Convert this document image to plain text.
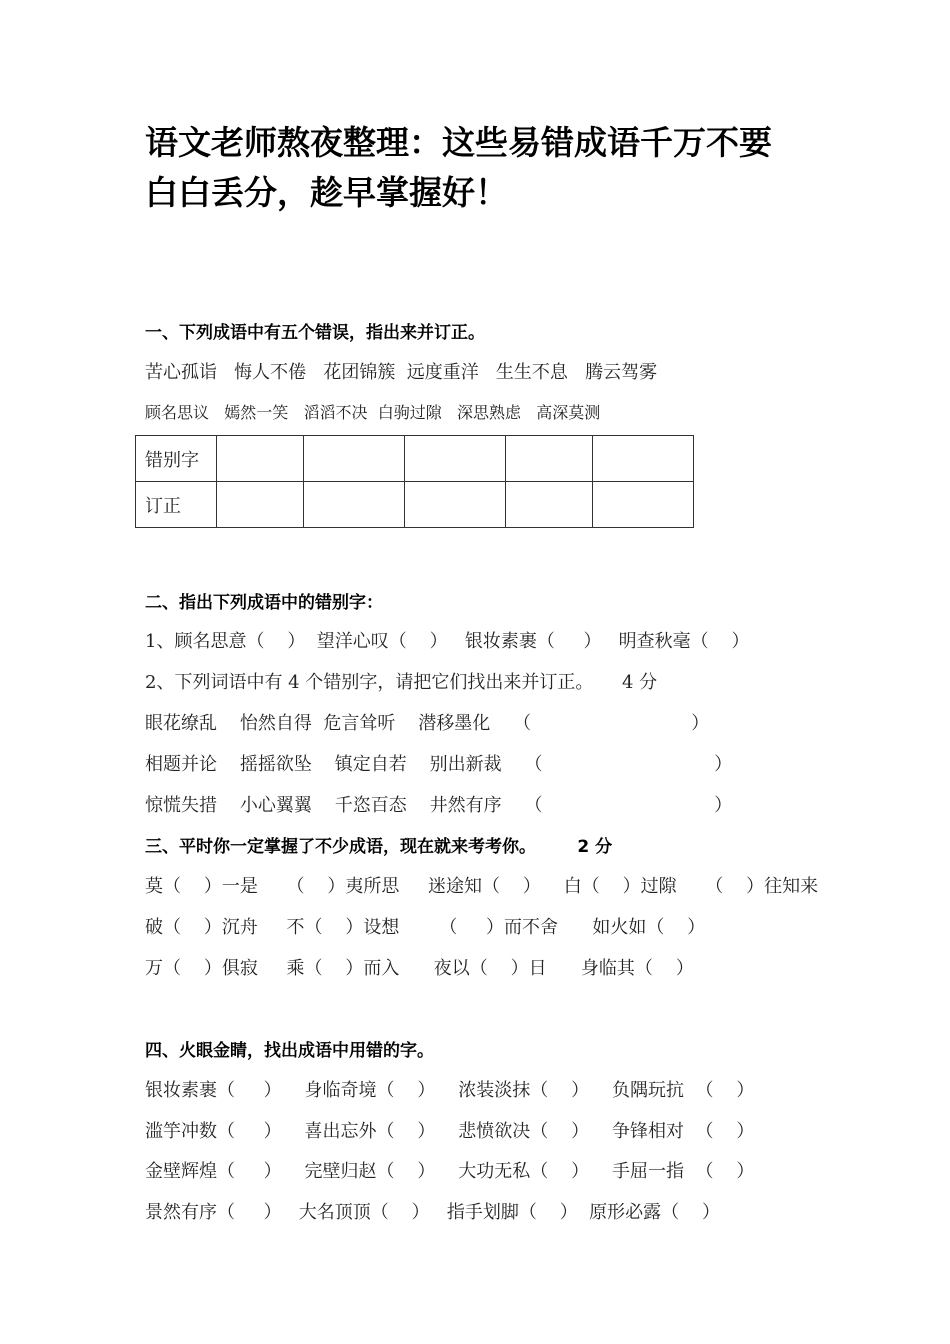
语文老师熬夜整理：这些易错成语千万不要
白白丢分，趁早掌握好！
一、下列成语中有五个错误，指出来并订正。
苦心孤诣   悔人不倦   花团锦簇  远度重洋   生生不息   腾云驾雾
顾名思议   嫣然一笑   滔滔不决  白驹过隙   深思熟虑   高深莫测
错别字					
订正					
二、指出下列成语中的错别字：
1、顾名思意（    ）  望洋心叹（    ）   银妆素裹（     ）   明查秋毫（    ）
2、下列词语中有 4 个错别字，请把它们找出来并订正。     4 分
眼花缭乱    怡然自得  危言耸听    潜移墨化    （                            ）
相题并论    摇摇欲坠    镇定自若    别出新裁    （                              ）
惊慌失措    小心翼翼    千恣百态    井然有序    （                              ）
三、平时你一定掌握了不少成语，现在就来考考你。       2 分
莫（    ）一是     （    ）夷所思     迷途知（    ）    白（    ）过隙     （    ）往知来
破（    ）沉舟     不（    ）设想       （     ）而不舍      如火如（    ）
万（    ）俱寂     乘（    ）而入      夜以（    ）日      身临其（    ）
四、火眼金睛，找出成语中用错的字。
银妆素裹（     ）    身临奇境（    ）    浓装淡抹（    ）    负隅玩抗  （    ）
滥竽冲数（     ）    喜出忘外（    ）    悲愤欲决（    ）    争锋相对  （    ）
金壁辉煌（     ）    完壁归赵（    ）    大功无私（    ）    手屈一指  （    ）
景然有序（     ）   大名顶顶（    ）   指手划脚（    ）  原形必露（    ）
